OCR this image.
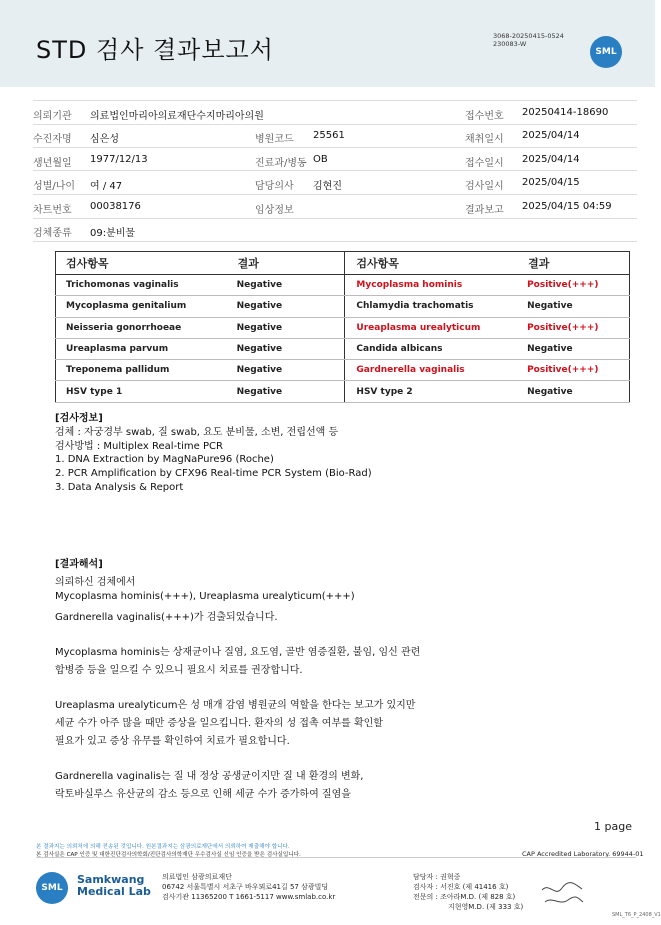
STD 검사 결과보고서	3068-20250415-0524
230083-W
SML
의뢰기관 의료법인마리아의료재단수지마리아의원	접수번호 20250414-18690
수진자명 심은성	병원코드 25561	채취일시 2025/04/14
생년월일 1977/12/13	진료과/병동 OB	접수일시 2025/04/14
성별/나이 여 / 47	담당의사 김현진	검사일시 2025/04/15
차트번호 00038176	임상정보	결과보고 2025/04/15 04:59
검체종류 09:분비물
검사항목	결과	검사항목	결과
Trichomonas vaginalis	Negative	Mycoplasma hominis	Positive(+++)
Mycoplasma genitalium	Negative	Chlamydia trachomatis	Negative
Neisseria gonorrhoeae	Negative	Ureaplasma urealyticum	Positive(+++)
Ureaplasma parvum	Negative	Candida albicans	Negative
Treponema pallidum	Negative	Gardnerella vaginalis	Positive(+++)
HSV type 1	Negative	HSV type 2	Negative
[검사정보]
검체 : 자궁경부 swab, 질 swab, 요도 분비물, 소변, 전립선액 등
검사방법 : Multiplex Real-time PCR
1. DNA Extraction by MagNaPure96 (Roche)
2. PCR Amplification by CFX96 Real-time PCR System (Bio-Rad)
3. Data Analysis & Report
[결과해석]
의뢰하신 검체에서
Mycoplasma hominis(+++), Ureaplasma urealyticum(+++)
Gardnerella vaginalis(+++)가 검출되었습니다.
Mycoplasma hominis는 상재균이나 질염, 요도염, 골반 염증질환, 불임, 임신 관련
합병증 등을 일으킬 수 있으니 필요시 치료를 권장합니다.
Ureaplasma urealyticum은 성 매개 감염 병원균의 역할을 한다는 보고가 있지만
세균 수가 아주 많을 때만 증상을 일으킵니다. 환자의 성 접촉 여부를 확인할
필요가 있고 증상 유무를 확인하여 치료가 필요합니다.
Gardnerella vaginalis는 질 내 정상 공생균이지만 질 내 환경의 변화,
락토바실루스 유산균의 감소 등으로 인해 세균 수가 증가하여 질염을
1 page
본 결과지는 의뢰처에 의해 전송된 것입니다. 원본결과지는 삼광의료재단에서 의뢰하여 제출해야 합니다.
본 검사실은 CAP 인증 및 대한진단검사의학회/진단검사의학재단 우수검사실 신임 인증을 받은 검사실입니다.	CAP Accredited Laboratory. 69944-01
SML
Samkwang
Medical Lab
의료법인 삼광의료재단
06742 서울특별시 서초구 바우뫼로41길 57 삼광빌딩
검사기관 11365200 T 1661-5117 www.smlab.co.kr
담당자 : 권혁중
검사자 : 서진호 (제 41416 호)
전문의 : 조아라M.D. (제 828 호)
지현영M.D. (제 333 호)
SML_T6_P_2408_V1
